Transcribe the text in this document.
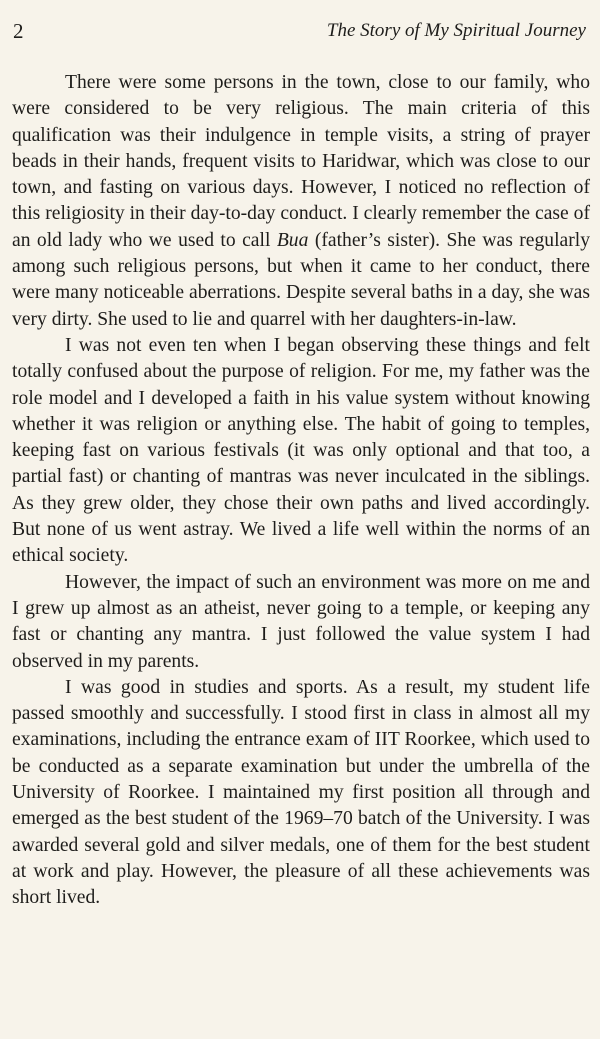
2	The Story of My Spiritual Journey

There were some persons in the town, close to our family, who were considered to be very religious. The main criteria of this qualification was their indulgence in temple visits, a string of prayer beads in their hands, frequent visits to Haridwar, which was close to our town, and fasting on various days. However, I noticed no reflection of this religiosity in their day-to-day conduct. I clearly remember the case of an old lady who we used to call Bua (father’s sister). She was regularly among such religious persons, but when it came to her conduct, there were many noticeable aberrations. Despite several baths in a day, she was very dirty. She used to lie and quarrel with her daughters-in-law.

I was not even ten when I began observing these things and felt totally confused about the purpose of religion. For me, my father was the role model and I developed a faith in his value system without knowing whether it was religion or anything else. The habit of going to temples, keeping fast on various festivals (it was only optional and that too, a partial fast) or chanting of mantras was never inculcated in the siblings. As they grew older, they chose their own paths and lived accordingly. But none of us went astray. We lived a life well within the norms of an ethical society.

However, the impact of such an environment was more on me and I grew up almost as an atheist, never going to a temple, or keeping any fast or chanting any mantra. I just followed the value system I had observed in my parents.

I was good in studies and sports. As a result, my student life passed smoothly and successfully. I stood first in class in almost all my examinations, including the entrance exam of IIT Roorkee, which used to be conducted as a separate examination but under the umbrella of the University of Roorkee. I maintained my first position all through and emerged as the best student of the 1969–70 batch of the University. I was awarded several gold and silver medals, one of them for the best student at work and play. However, the pleasure of all these achievements was short lived.
